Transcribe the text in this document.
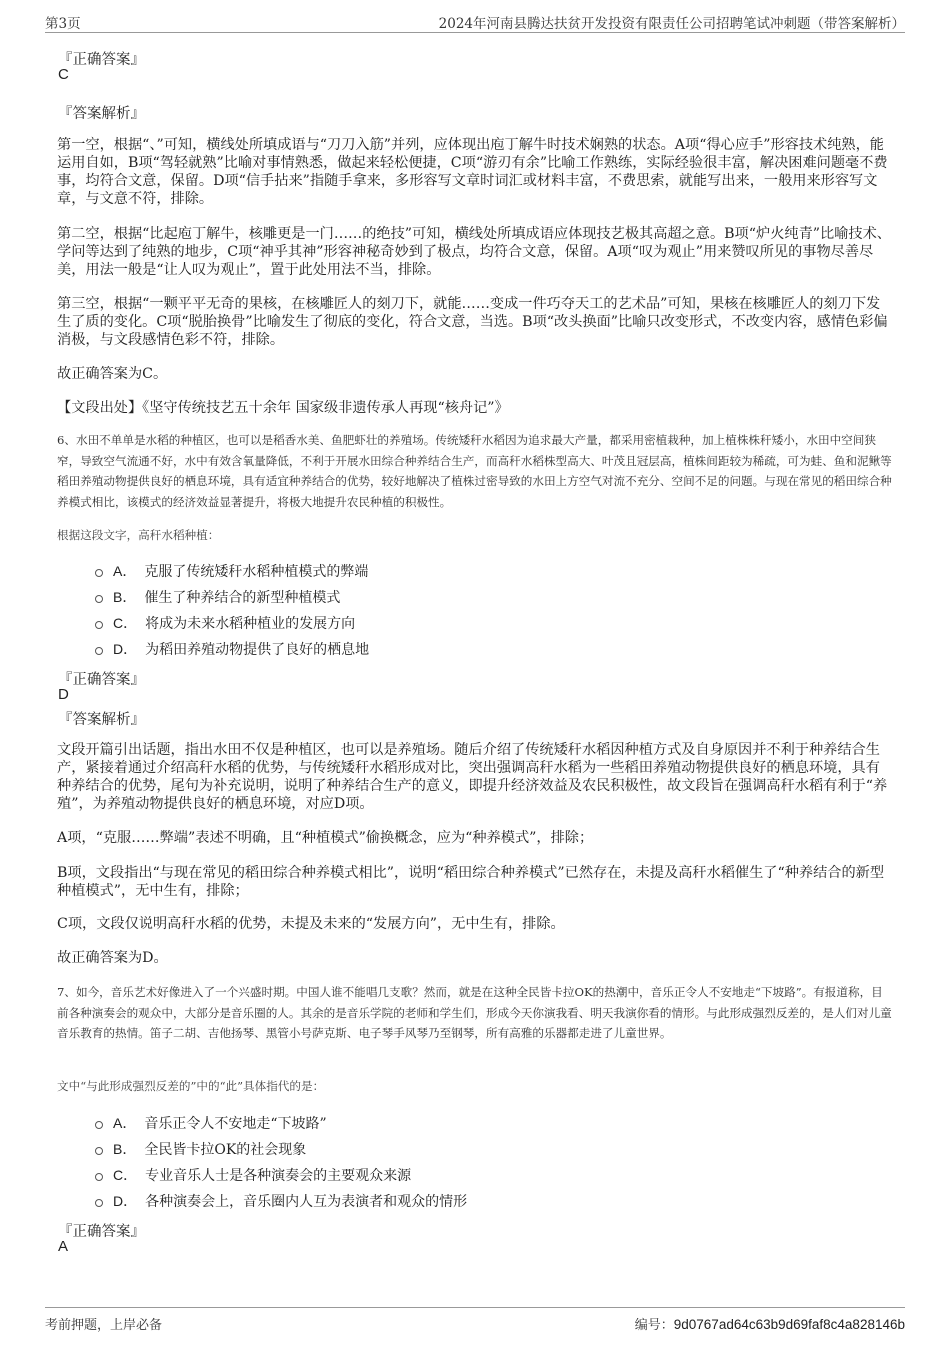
第3页	2024年河南县腾达扶贫开发投资有限责任公司招聘笔试冲刺题（带答案解析）
『正确答案』
C
『答案解析』
第一空，根据“、”可知，横线处所填成语与“刀刀入筋”并列，应体现出庖丁解牛时技术娴熟的状态。A项“得心应手”形容技术纯熟，能运用自如，B项“驾轻就熟”比喻对事情熟悉，做起来轻松便捷，C项“游刃有余”比喻工作熟练，实际经验很丰富，解决困难问题毫不费事，均符合文意，保留。D项“信手拈来”指随手拿来，多形容写文章时词汇或材料丰富，不费思索，就能写出来，一般用来形容写文章，与文意不符，排除。
第二空，根据“比起庖丁解牛，核雕更是一门……的绝技”可知，横线处所填成语应体现技艺极其高超之意。B项“炉火纯青”比喻技术、学问等达到了纯熟的地步，C项“神乎其神”形容神秘奇妙到了极点，均符合文意，保留。A项“叹为观止”用来赞叹所见的事物尽善尽美，用法一般是“让人叹为观止”，置于此处用法不当，排除。
第三空，根据“一颗平平无奇的果核，在核雕匠人的刻刀下，就能……变成一件巧夺天工的艺术品”可知，果核在核雕匠人的刻刀下发生了质的变化。C项“脱胎换骨”比喻发生了彻底的变化，符合文意，当选。B项“改头换面”比喻只改变形式，不改变内容，感情色彩偏消极，与文段感情色彩不符，排除。
故正确答案为C。
【文段出处】《坚守传统技艺五十余年 国家级非遗传承人再现“核舟记”》
6、水田不单单是水稻的种植区，也可以是稻香水美、鱼肥虾壮的养殖场。传统矮秆水稻因为追求最大产量，都采用密植栽种，加上植株株秆矮小，水田中空间狭窄，导致空气流通不好，水中有效含氧量降低，不利于开展水田综合种养结合生产，而高秆水稻株型高大、叶茂且冠层高，植株间距较为稀疏，可为蛙、鱼和泥鳅等稻田养殖动物提供良好的栖息环境，具有适宜种养结合的优势，较好地解决了植株过密导致的水田上方空气对流不充分、空间不足的问题。与现在常见的稻田综合种养模式相比，该模式的经济效益显著提升，将极大地提升农民种植的积极性。
根据这段文字，高秆水稻种植：
A． 克服了传统矮秆水稻种植模式的弊端
B． 催生了种养结合的新型种植模式
C． 将成为未来水稻种植业的发展方向
D． 为稻田养殖动物提供了良好的栖息地
『正确答案』
D
『答案解析』
文段开篇引出话题，指出水田不仅是种植区，也可以是养殖场。随后介绍了传统矮秆水稻因种植方式及自身原因并不利于种养结合生产，紧接着通过介绍高秆水稻的优势，与传统矮秆水稻形成对比，突出强调高秆水稻为一些稻田养殖动物提供良好的栖息环境，具有种养结合的优势，尾句为补充说明，说明了种养结合生产的意义，即提升经济效益及农民积极性，故文段旨在强调高秆水稻有利于“养殖”，为养殖动物提供良好的栖息环境，对应D项。
A项，“克服……弊端”表述不明确，且“种植模式”偷换概念，应为“种养模式”，排除；
B项，文段指出“与现在常见的稻田综合种养模式相比”，说明“稻田综合种养模式”已然存在，未提及高秆水稻催生了“种养结合的新型种植模式”，无中生有，排除；
C项，文段仅说明高秆水稻的优势，未提及未来的“发展方向”，无中生有，排除。
故正确答案为D。
7、如今，音乐艺术好像进入了一个兴盛时期。中国人谁不能唱几支歌？然而，就是在这种全民皆卡拉OK的热潮中，音乐正令人不安地走“下坡路”。有报道称，目前各种演奏会的观众中，大部分是音乐圈的人。其余的是音乐学院的老师和学生们，形成今天你演我看、明天我演你看的情形。与此形成强烈反差的，是人们对儿童音乐教育的热情。笛子二胡、吉他扬琴、黑管小号萨克斯、电子琴手风琴乃至钢琴，所有高雅的乐器都走进了儿童世界。
文中“与此形成强烈反差的”中的“此”具体指代的是：
A． 音乐正令人不安地走“下坡路”
B． 全民皆卡拉OK的社会现象
C． 专业音乐人士是各种演奏会的主要观众来源
D． 各种演奏会上，音乐圈内人互为表演者和观众的情形
『正确答案』
A
考前押题，上岸必备	编号：9d0767ad64c63b9d69faf8c4a828146b
